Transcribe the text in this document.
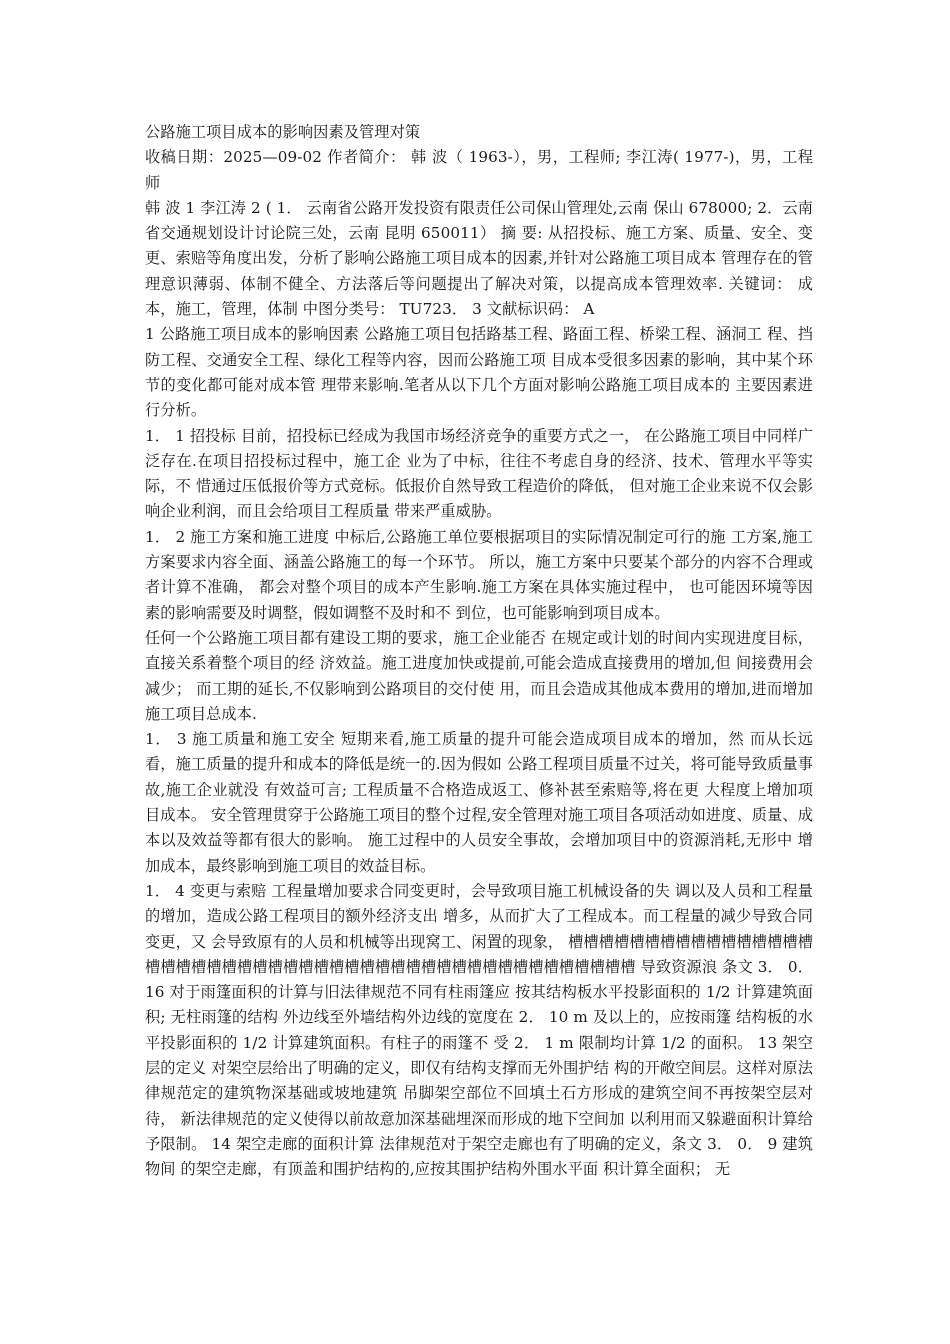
公路施工项目成本的影响因素及管理对策

收稿日期：2025—09-02 作者简介： 韩 波（ 1963-），男，工程师; 李江涛( 1977-)，男，工程师

韩 波 1 李江涛 2 ( 1． 云南省公路开发投资有限责任公司保山管理处,云南 保山 678000; 2．云南省交通规划设计讨论院三处，云南 昆明 650011） 摘 要: 从招投标、施工方案、质量、安全、变更、索赔等角度出发，分析了影响公路施工项目成本的因素,并针对公路施工项目成本 管理存在的管理意识薄弱、体制不健全、方法落后等问题提出了解决对策，以提高成本管理效率. 关键词： 成本，施工，管理，体制 中图分类号： TU723． 3 文献标识码： A

1 公路施工项目成本的影响因素 公路施工项目包括路基工程、路面工程、桥梁工程、涵洞工 程、挡防工程、交通安全工程、绿化工程等内容，因而公路施工项 目成本受很多因素的影响，其中某个环节的变化都可能对成本管 理带来影响.笔者从以下几个方面对影响公路施工项目成本的 主要因素进行分析。

1． 1 招投标 目前，招投标已经成为我国市场经济竞争的重要方式之一， 在公路施工项目中同样广泛存在.在项目招投标过程中，施工企 业为了中标，往往不考虑自身的经济、技术、管理水平等实际，不 惜通过压低报价等方式竞标。低报价自然导致工程造价的降低， 但对施工企业来说不仅会影响企业利润，而且会给项目工程质量 带来严重威胁。

1． 2 施工方案和施工进度 中标后,公路施工单位要根据项目的实际情况制定可行的施 工方案,施工方案要求内容全面、涵盖公路施工的每一个环节。 所以，施工方案中只要某个部分的内容不合理或者计算不准确， 都会对整个项目的成本产生影响.施工方案在具体实施过程中， 也可能因环境等因素的影响需要及时调整，假如调整不及时和不 到位，也可能影响到项目成本。

任何一个公路施工项目都有建设工期的要求，施工企业能否 在规定或计划的时间内实现进度目标，直接关系着整个项目的经 济效益。施工进度加快或提前,可能会造成直接费用的增加,但 间接费用会减少； 而工期的延长,不仅影响到公路项目的交付使 用，而且会造成其他成本费用的增加,进而增加施工项目总成本.

1． 3 施工质量和施工安全 短期来看,施工质量的提升可能会造成项目成本的增加，然 而从长远看，施工质量的提升和成本的降低是统一的.因为假如 公路工程项目质量不过关，将可能导致质量事故,施工企业就没 有效益可言; 工程质量不合格造成返工、修补甚至索赔等,将在更 大程度上增加项目成本。 安全管理贯穿于公路施工项目的整个过程,安全管理对施工项目各项活动如进度、质量、成本以及效益等都有很大的影响。 施工过程中的人员安全事故，会增加项目中的资源消耗,无形中 增加成本，最终影响到施工项目的效益目标。

1． 4 变更与索赔 工程量增加要求合同变更时，会导致项目施工机械设备的失 调以及人员和工程量的增加，造成公路工程项目的额外经济支出 增多，从而扩大了工程成本。而工程量的减少导致合同变更，又 会导致原有的人员和机械等出现窝工、闲置的现象， 槽槽槽槽槽槽槽槽槽槽槽槽槽槽槽槽槽槽槽槽槽槽槽槽槽槽槽槽槽槽槽槽槽槽槽槽槽槽槽槽槽槽槽槽槽槽槽槽 导致资源浪 条文 3． 0． 16 对于雨篷面积的计算与旧法律规范不同有柱雨篷应 按其结构板水平投影面积的 1/2 计算建筑面积; 无柱雨篷的结构 外边线至外墙结构外边线的宽度在 2． 10 m 及以上的，应按雨篷 结构板的水平投影面积的 1/2 计算建筑面积。有柱子的雨篷不 受 2． 1 m 限制均计算 1/2 的面积。 13 架空层的定义 对架空层给出了明确的定义，即仅有结构支撑而无外围护结 构的开敞空间层。这样对原法律规范定的建筑物深基础或坡地建筑 吊脚架空部位不回填土石方形成的建筑空间不再按架空层对待， 新法律规范的定义使得以前故意加深基础埋深而形成的地下空间加 以利用而又躲避面积计算给予限制。 14 架空走廊的面积计算 法律规范对于架空走廊也有了明确的定义，条文 3． 0． 9 建筑物间 的架空走廊，有顶盖和围护结构的,应按其围护结构外围水平面 积计算全面积； 无
